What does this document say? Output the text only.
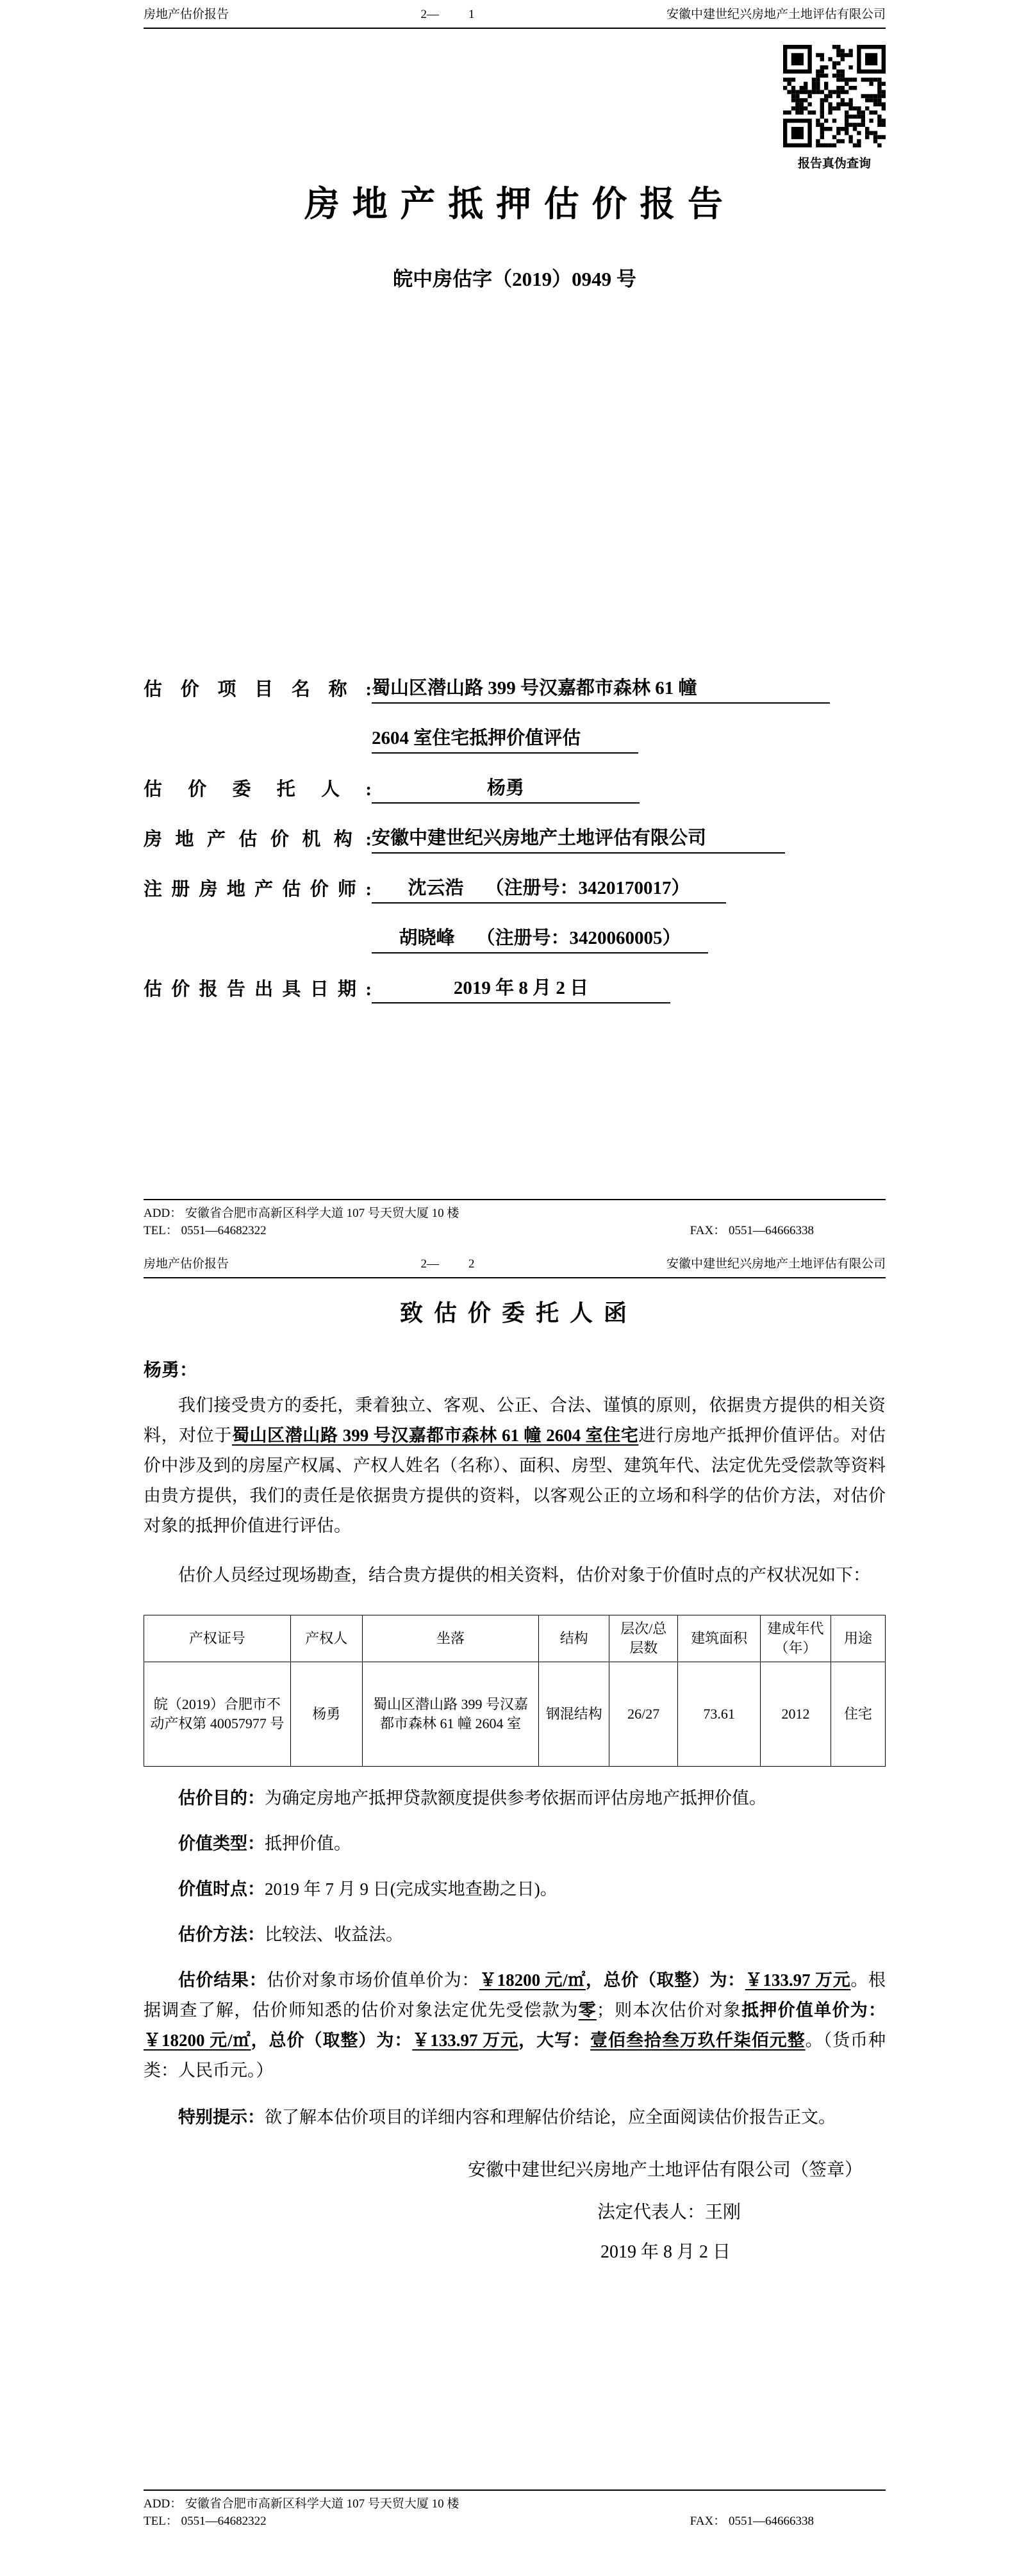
房地产估价报告	2— 1	安徽中建世纪兴房地产土地评估有限公司
报告真伪查询
房 地 产 抵 押 估 价 报 告
皖中房估字（2019）0949 号
估 价 项 目 名 称 : 蜀山区潜山路 399 号汉嘉都市森林 61 幢
2604 室住宅抵押价值评估
估 价 委 托 人 :	杨勇
房地产估价机构: 安徽中建世纪兴房地产土地评估有限公司
注册房地产估价师: 沈云浩 （注册号：3420170017）
胡晓峰 （注册号：3420060005）
估价报告出具日期:	2019 年 8 月 2 日
ADD： 安徽省合肥市高新区科学大道 107 号天贸大厦 10 楼
TEL： 0551—64682322	FAX： 0551—64666338
房地产估价报告	2— 2	安徽中建世纪兴房地产土地评估有限公司
致 估 价 委 托 人 函
杨勇：

我们接受贵方的委托，秉着独立、客观、公正、合法、谨慎的原则，依据贵方提供的相关资料，对位于蜀山区潜山路 399 号汉嘉都市森林 61 幢 2604 室住宅进行房地产抵押价值评估。对估价中涉及到的房屋产权属、产权人姓名（名称）、面积、房型、建筑年代、法定优先受偿款等资料由贵方提供，我们的责任是依据贵方提供的资料，以客观公正的立场和科学的估价方法，对估价对象的抵押价值进行评估。

估价人员经过现场勘查，结合贵方提供的相关资料，估价对象于价值时点的产权状况如下：

产权证号	产权人	坐落	结构	层次/总层数	建筑面积	建成年代（年）	用途
皖（2019）合肥市不动产权第 40057977 号	杨勇	蜀山区潜山路 399 号汉嘉都市森林 61 幢 2604 室	钢混结构	26/27	73.61	2012	住宅

估价目的：为确定房地产抵押贷款额度提供参考依据而评估房地产抵押价值。

价值类型：抵押价值。

价值时点：2019 年 7 月 9 日(完成实地查勘之日)。

估价方法：比较法、收益法。

估价结果：估价对象市场价值单价为：￥18200 元/㎡，总价（取整）为：￥133.97 万元。根据调查了解，估价师知悉的估价对象法定优先受偿款为零；则本次估价对象抵押价值单价为：￥18200 元/㎡，总价（取整）为：￥133.97 万元，大写：壹佰叁拾叁万玖仟柒佰元整。（货币种类：人民币元。）

特别提示：欲了解本估价项目的详细内容和理解估价结论，应全面阅读估价报告正文。

安徽中建世纪兴房地产土地评估有限公司（签章）

法定代表人：王刚

2019 年 8 月 2 日

ADD： 安徽省合肥市高新区科学大道 107 号天贸大厦 10 楼
TEL： 0551—64682322	FAX： 0551—64666338
